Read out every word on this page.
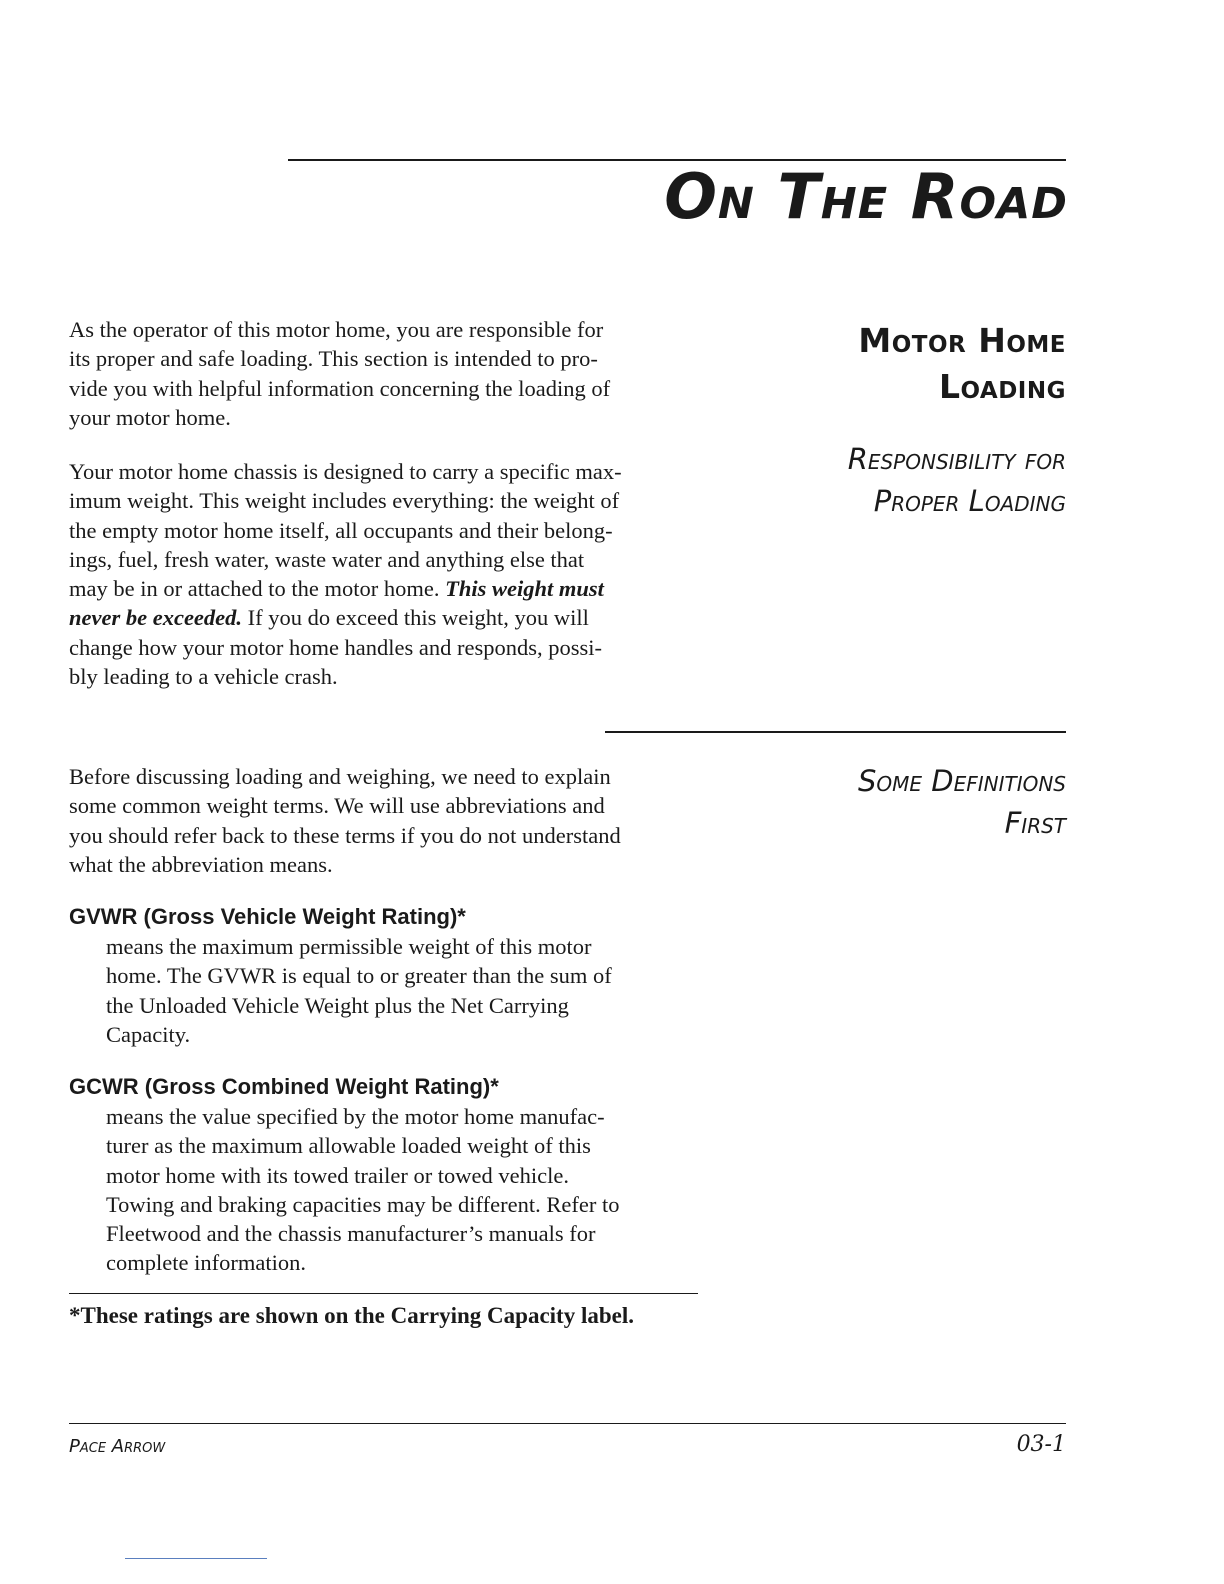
On The Road
Motor Home
Loading
Responsibility for
Proper Loading
As the operator of this motor home, you are responsible for
its proper and safe loading. This section is intended to pro-
vide you with helpful information concerning the loading of
your motor home.
Your motor home chassis is designed to carry a specific max-
imum weight. This weight includes everything: the weight of
the empty motor home itself, all occupants and their belong-
ings, fuel, fresh water, waste water and anything else that
may be in or attached to the motor home. This weight must
never be exceeded. If you do exceed this weight, you will
change how your motor home handles and responds, possi-
bly leading to a vehicle crash.
Some Definitions
First
Before discussing loading and weighing, we need to explain
some common weight terms. We will use abbreviations and
you should refer back to these terms if you do not understand
what the abbreviation means.
GVWR (Gross Vehicle Weight Rating)*
means the maximum permissible weight of this motor
home. The GVWR is equal to or greater than the sum of
the Unloaded Vehicle Weight plus the Net Carrying
Capacity.
GCWR (Gross Combined Weight Rating)*
means the value specified by the motor home manufac-
turer as the maximum allowable loaded weight of this
motor home with its towed trailer or towed vehicle.
Towing and braking capacities may be different. Refer to
Fleetwood and the chassis manufacturer’s manuals for
complete information.
*These ratings are shown on the Carrying Capacity label.
Pace Arrow	03-1
